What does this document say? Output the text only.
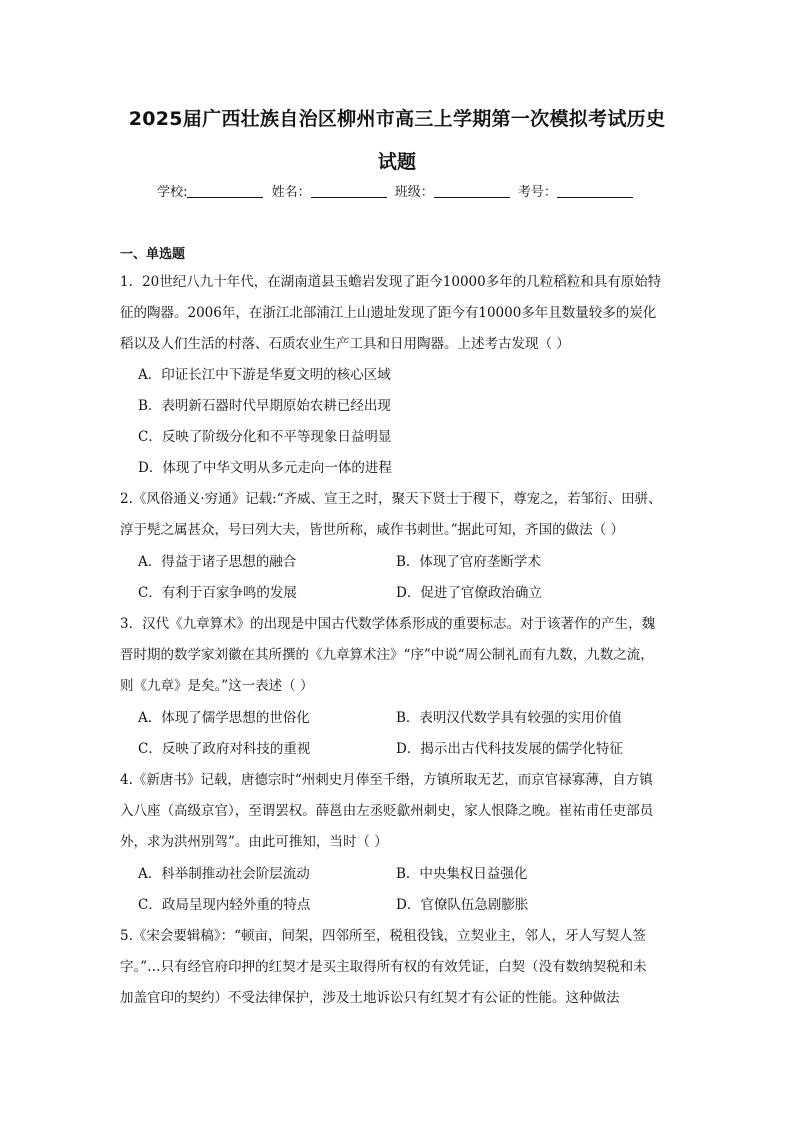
2025届广西壮族自治区柳州市高三上学期第一次模拟考试历史
试题
学校:	姓名：	班级：	考号：
一、单选题
1．20世纪八九十年代，在湖南道县玉蟾岩发现了距今10000多年的几粒稻粒和具有原始特
征的陶器。2006年，在浙江北部浦江上山遗址发现了距今有10000多年且数量较多的炭化
稻以及人们生活的村落、石质农业生产工具和日用陶器。上述考古发现（ ）
A．印证长江中下游是华夏文明的核心区域
B．表明新石器时代早期原始农耕已经出现
C．反映了阶级分化和不平等现象日益明显
D．体现了中华文明从多元走向一体的进程
2.《风俗通义·穷通》记载:“齐威、宣王之时，聚天下贤士于稷下，尊宠之，若邹衍、田骈、
淳于髡之属甚众，号曰列大夫，皆世所称，咸作书刺世。”据此可知，齐国的做法（ ）
A．得益于诸子思想的融合	B．体现了官府垄断学术
C．有利于百家争鸣的发展	D．促进了官僚政治确立
3．汉代《九章算术》的出现是中国古代数学体系形成的重要标志。对于该著作的产生，魏
晋时期的数学家刘徽在其所撰的《九章算术注》“序”中说“周公制礼而有九数，九数之流，
则《九章》是矣。”这一表述（ ）
A．体现了儒学思想的世俗化	B．表明汉代数学具有较强的实用价值
C．反映了政府对科技的重视	D．揭示出古代科技发展的儒学化特征
4.《新唐书》记载，唐德宗时“州刺史月俸至千缗，方镇所取无艺，而京官禄寡薄，自方镇
入八座（高级京官），至谓罢权。薛邕由左丞贬歙州刺史，家人恨降之晚。崔祐甫任吏部员
外，求为洪州别驾”。由此可推知，当时（ ）
A．科举制推动社会阶层流动	B．中央集权日益强化
C．政局呈现内轻外重的特点	D．官僚队伍急剧膨胀
5.《宋会要辑稿》：“顿亩，间架，四邻所至，税租役钱，立契业主，邻人，牙人写契人签
字。”…只有经官府印押的红契才是买主取得所有权的有效凭证，白契（没有数纳契税和未
加盖官印的契约）不受法律保护，涉及土地诉讼只有红契才有公证的性能。这种做法
